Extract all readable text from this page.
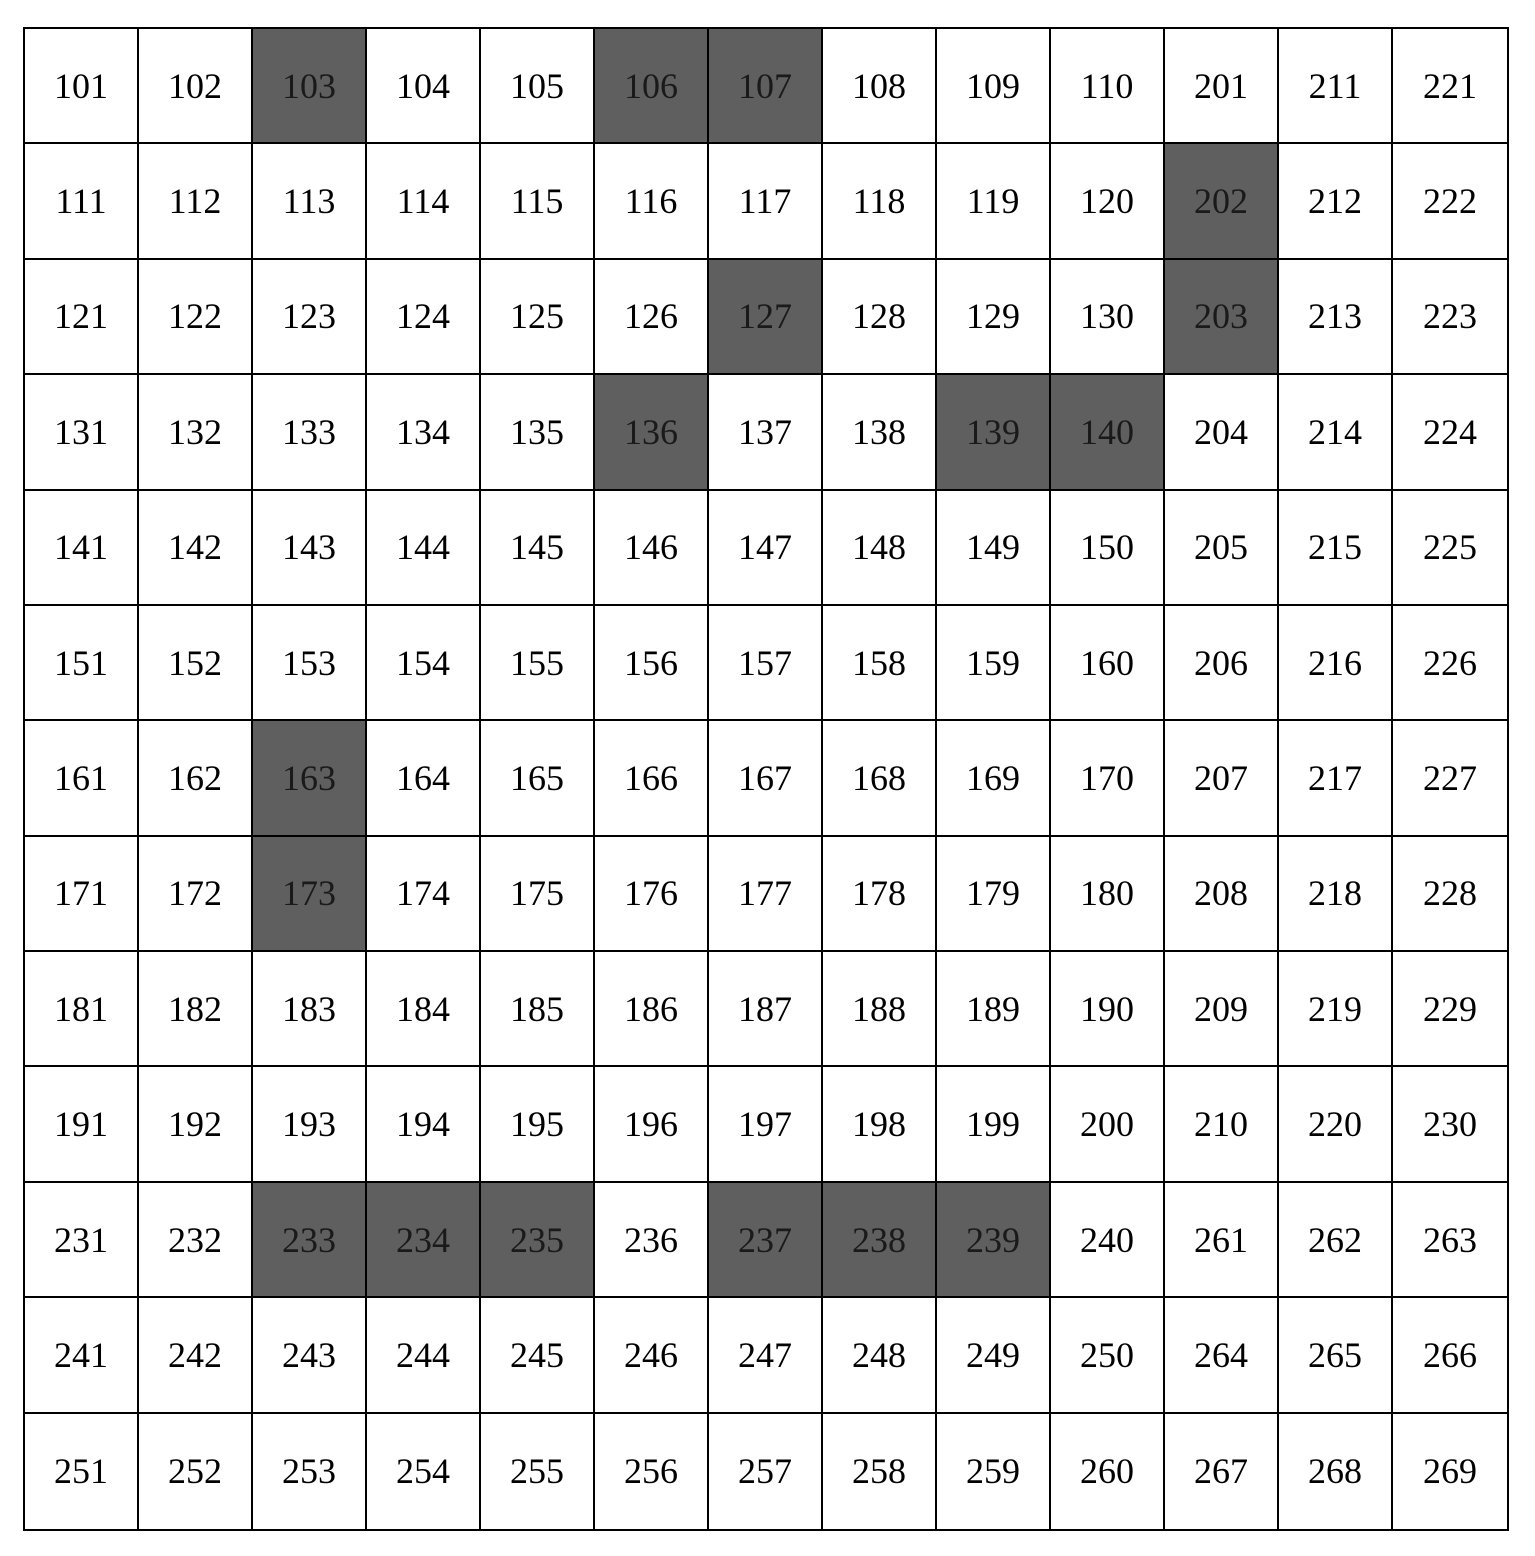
101	102	103	104	105	106	107	108	109	110	201	211	221
111	112	113	114	115	116	117	118	119	120	202	212	222
121	122	123	124	125	126	127	128	129	130	203	213	223
131	132	133	134	135	136	137	138	139	140	204	214	224
141	142	143	144	145	146	147	148	149	150	205	215	225
151	152	153	154	155	156	157	158	159	160	206	216	226
161	162	163	164	165	166	167	168	169	170	207	217	227
171	172	173	174	175	176	177	178	179	180	208	218	228
181	182	183	184	185	186	187	188	189	190	209	219	229
191	192	193	194	195	196	197	198	199	200	210	220	230
231	232	233	234	235	236	237	238	239	240	261	262	263
241	242	243	244	245	246	247	248	249	250	264	265	266
251	252	253	254	255	256	257	258	259	260	267	268	269
